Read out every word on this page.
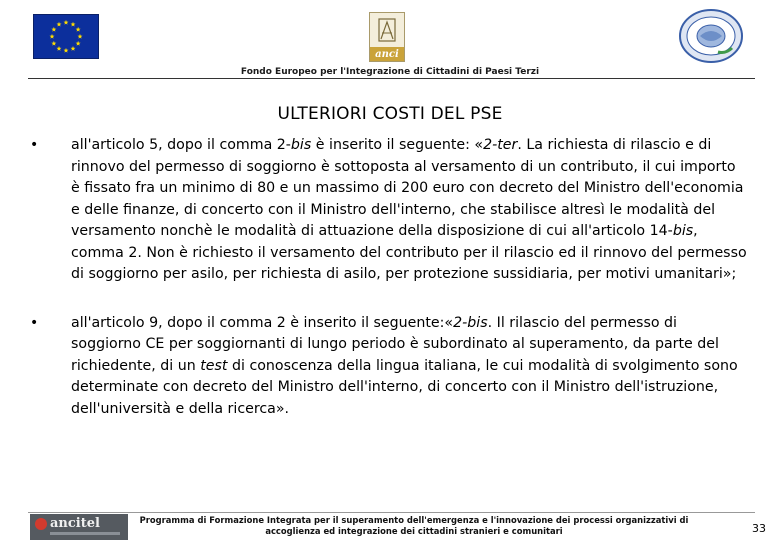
anci
Fondo Europeo per l'Integrazione di Cittadini di Paesi Terzi
ULTERIORI COSTI DEL PSE
• all'articolo 5, dopo il comma 2-bis è inserito il seguente: «2-ter. La richiesta di rilascio e di rinnovo del permesso di soggiorno è sottoposta al versamento di un contributo, il cui importo è fissato fra un minimo di 80 e un massimo di 200 euro con decreto del Ministro dell'economia e delle finanze, di concerto con il Ministro dell'interno, che stabilisce altresì le modalità del versamento nonchè le modalità di attuazione della disposizione di cui all'articolo 14-bis, comma 2. Non è richiesto il versamento del contributo per il rilascio ed il rinnovo del permesso di soggiorno per asilo, per richiesta di asilo, per protezione sussidiaria, per motivi umanitari»;

• all'articolo 9, dopo il comma 2 è inserito il seguente:«2-bis. Il rilascio del permesso di soggiorno CE per soggiornanti di lungo periodo è subordinato al superamento, da parte del richiedente, di un test di conoscenza della lingua italiana, le cui modalità di svolgimento sono determinate con decreto del Ministro dell'interno, di concerto con il Ministro dell'istruzione, dell'università e della ricerca».

ancitel	Programma di Formazione Integrata per il superamento dell'emergenza e l'innovazione dei processi organizzativi di
accoglienza ed integrazione dei cittadini stranieri e comunitari	33
